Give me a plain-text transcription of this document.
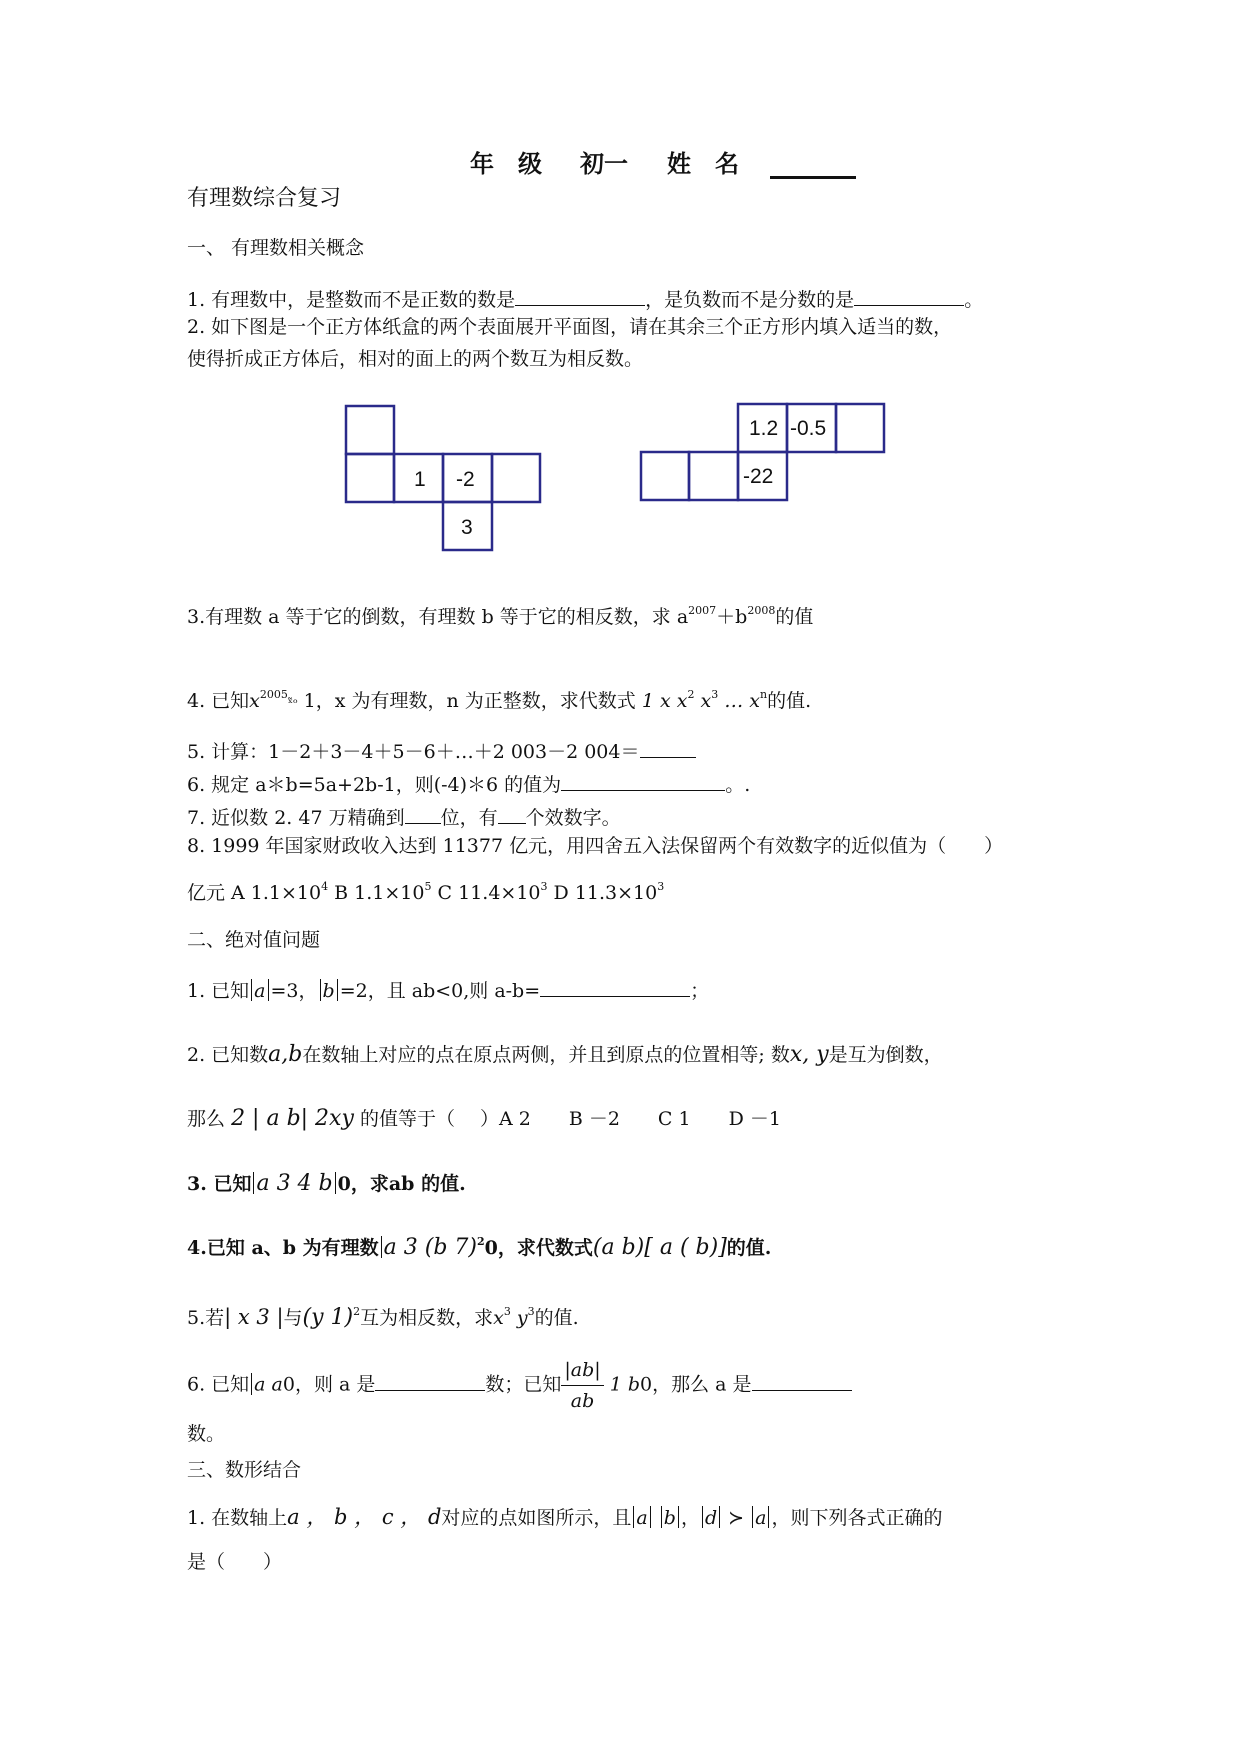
年　级 初一 姓　名
有理数综合复习
一、 有理数相关概念
1. 有理数中，是整数而不是正数的数是	，是负数而不是分数的是	。
2. 如下图是一个正方体纸盒的两个表面展开平面图，请在其余三个正方形内填入适当的数，
使得折成正方体后，相对的面上的两个数互为相反数。
1 -2
3
1.2 -0.5
-22
3.有理数 a 等于它的倒数，有理数 b 等于它的相反数，求 $a^{2007}+b^{2008}$的值
4. 已知$x^{2005}ˣ̃ᵒ$ 1，x 为有理数，n 为正整数，求代数式 1 x $x^2$ $x^3$ … $x^n$的值.
5. 计算：1－2＋3－4＋5－6＋…＋2 003－2 004＝
6. 规定 a＊b=5a+2b-1，则(-4)＊6 的值为	。.
7. 近似数 2. 47 万精确到 位，有 个效数字。
8. 1999 年国家财政收入达到 11377 亿元，用四舍五入法保留两个有效数字的近似值为（　　）
亿元 A $1.1\times 10^4$ B $1.1\times 10^5$ C $11.4\times 10^3$ D $11.3\times 10^3$
二、绝对值问题
1. 已知 a =3， b =2，且 ab<0,则 a-b=	；
2. 已知数a,b在数轴上对应的点在原点两侧，并且到原点的位置相等; 数x, y是互为倒数，
那么 2 | a b| 2xy 的值等于（　 ）A 2　　B －2　　C 1　　D －1
3. 已知 a 3 4 b 0，求ab 的值.
4.已知 a、b 为有理数 a 3 (b 7)$^2$0，求代数式(a b)[ a ( b)]的值.
5.若| x 3 |与(y 1)$^2$互为相反数，求$x^3$ $y^3$的值.
6. 已知 a a0，则 a 是	数；已知 $\frac{|ab|}{ab} 1$ b0，那么 a 是
数。
三、数形结合
1. 在数轴上a ， b ， c ， d对应的点如图所示，且 a b ， d ≻ a ，则下列各式正确的
是（　　）
